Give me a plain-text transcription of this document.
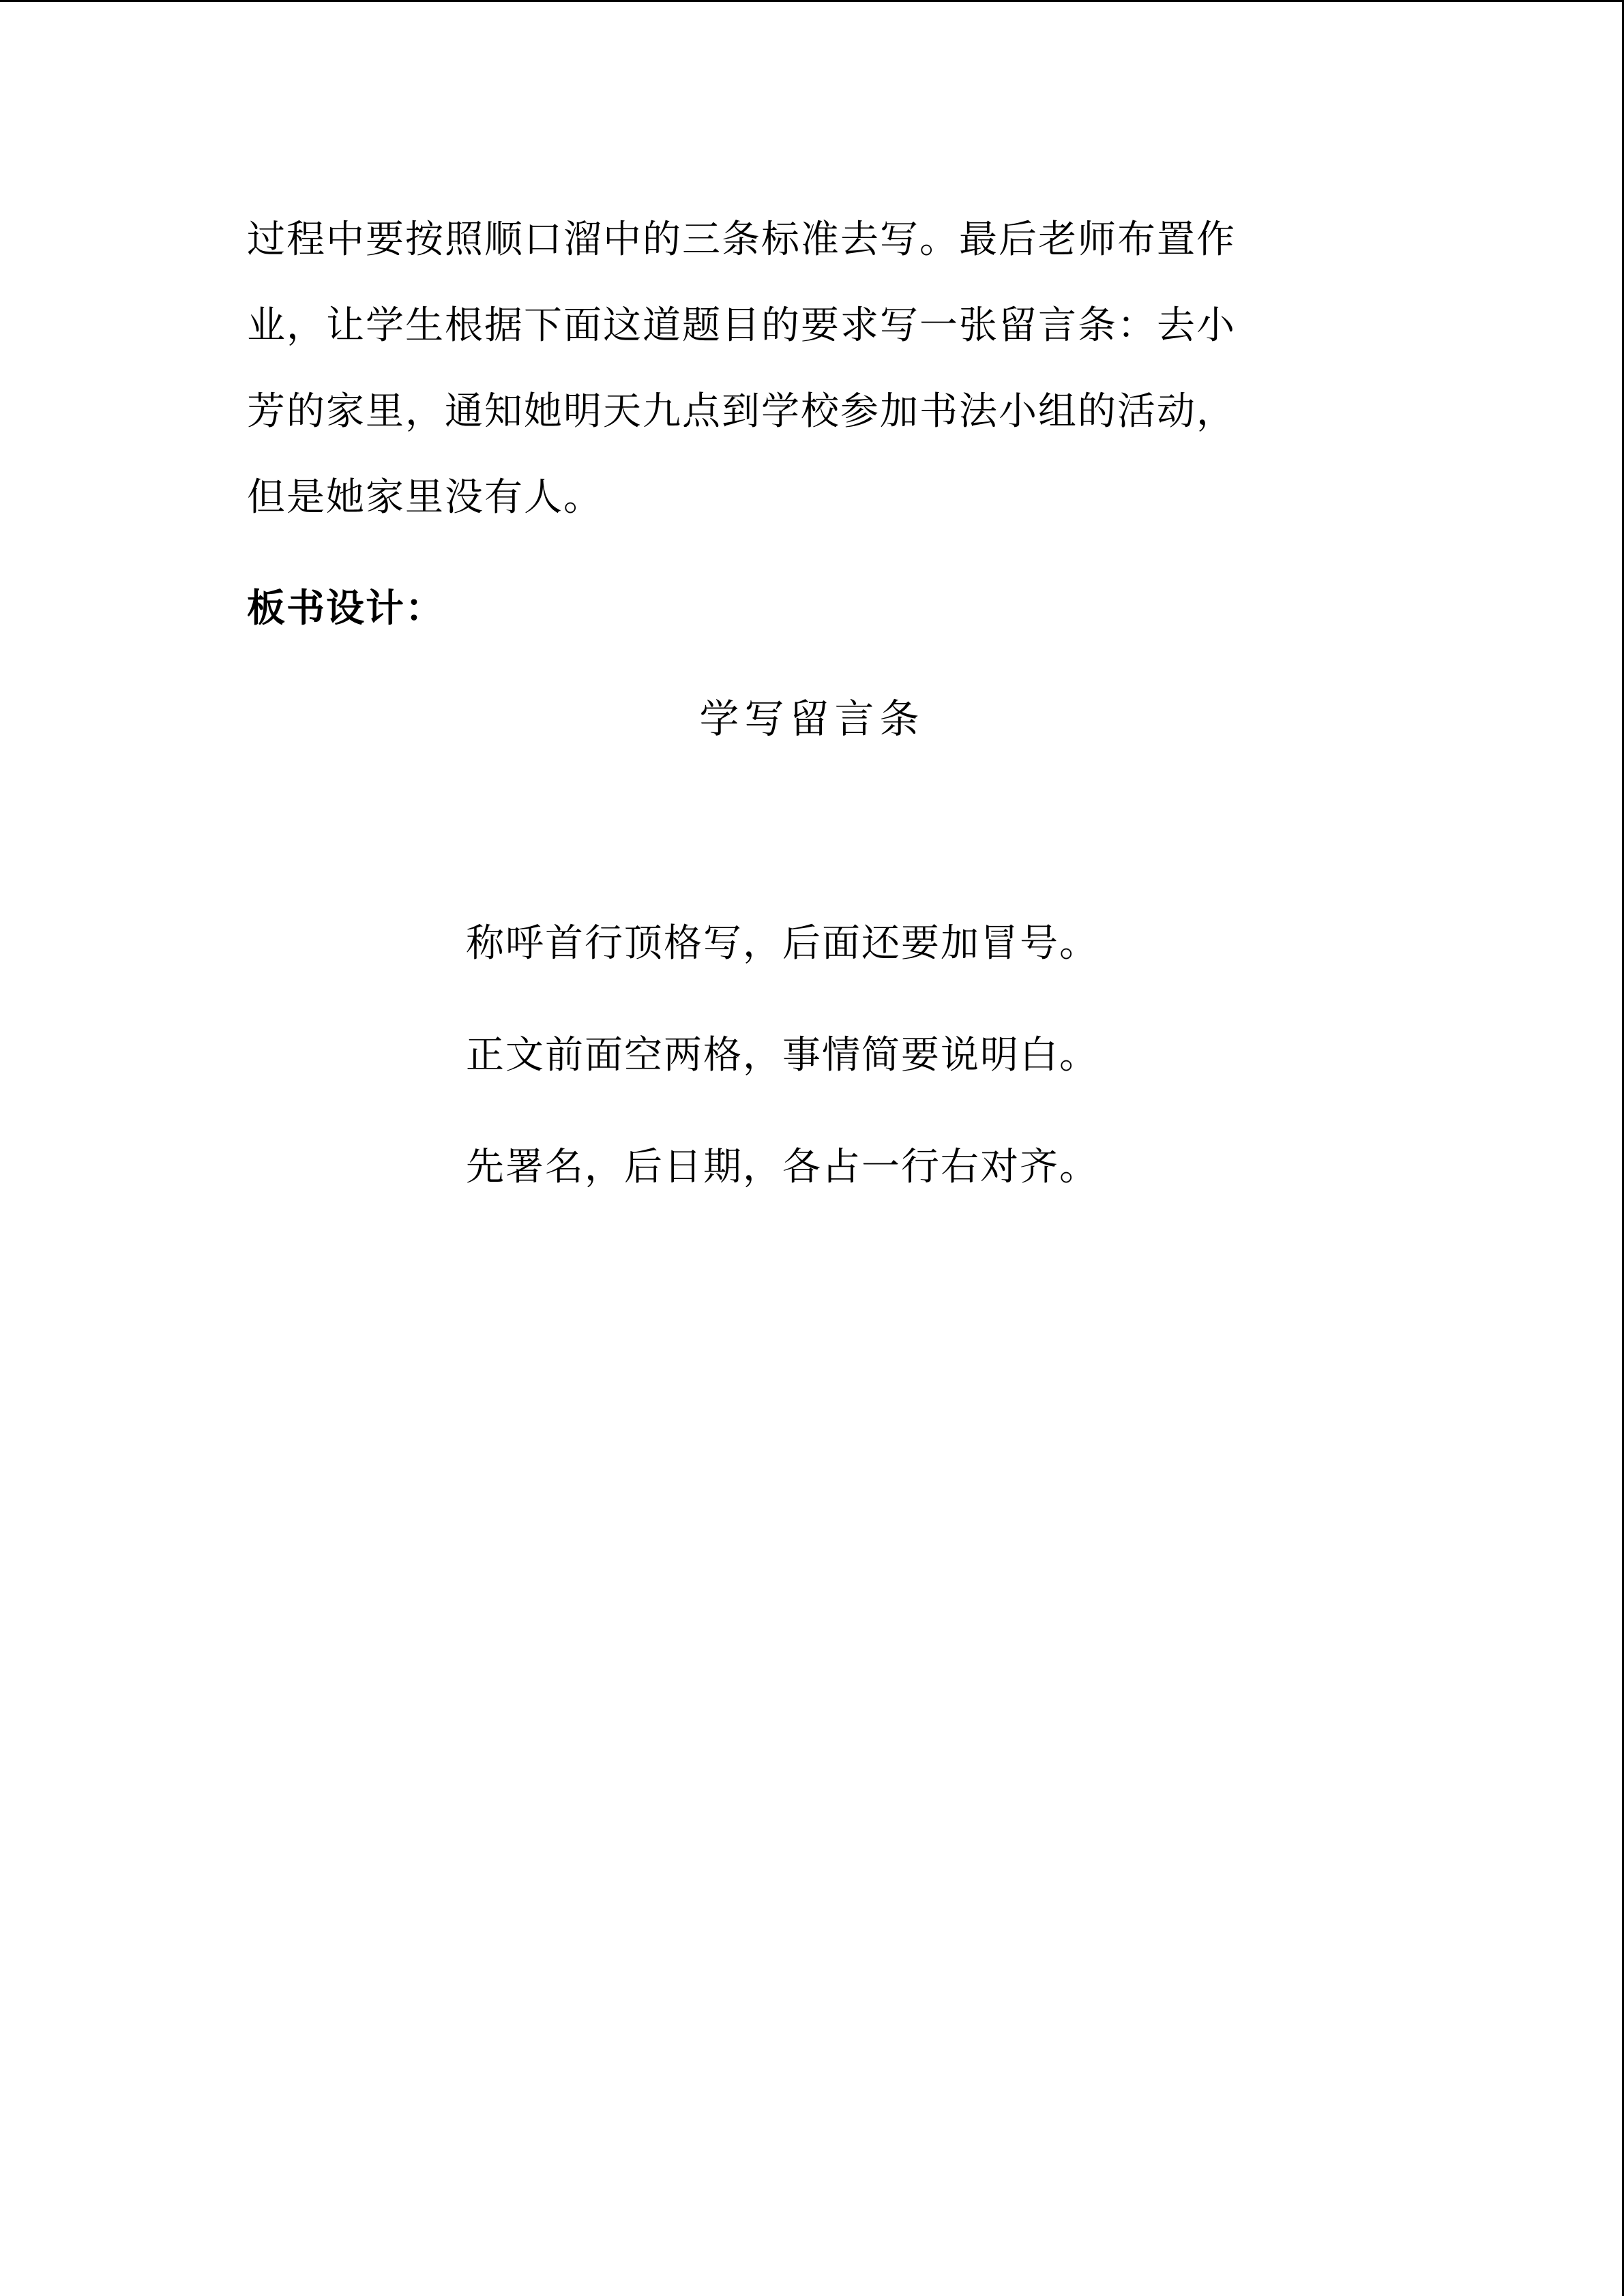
过程中要按照顺口溜中的三条标准去写。最后老师布置作
业，让学生根据下面这道题目的要求写一张留言条：去小
芳的家里，通知她明天九点到学校参加书法小组的活动，
但是她家里没有人。
板书设计：
学写留言条
称呼首行顶格写，后面还要加冒号。
正文前面空两格，事情简要说明白。
先署名，后日期，各占一行右对齐。
